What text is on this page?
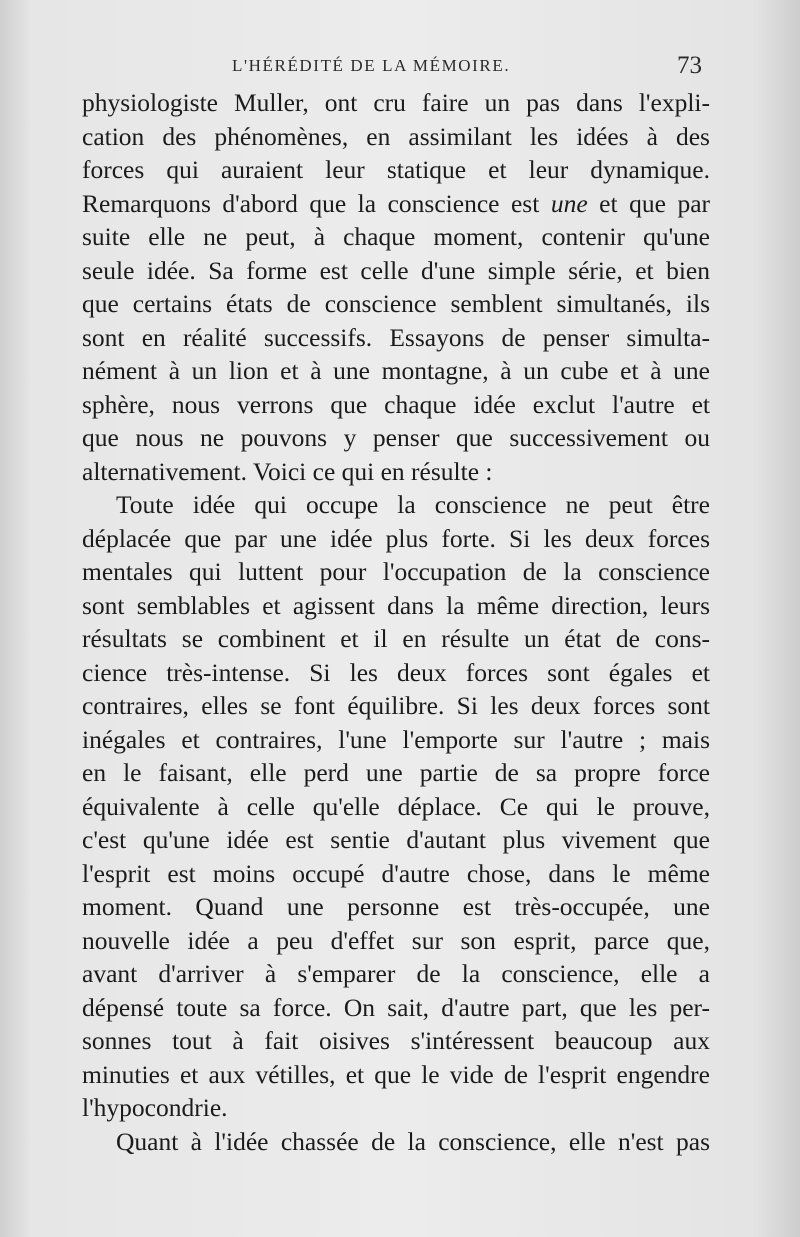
L'HÉRÉDITÉ DE LA MÉMOIRE.	73
physiologiste Muller, ont cru faire un pas dans l'expli-
cation des phénomènes, en assimilant les idées à des
forces qui auraient leur statique et leur dynamique.
Remarquons d'abord que la conscience est une et que par
suite elle ne peut, à chaque moment, contenir qu'une
seule idée. Sa forme est celle d'une simple série, et bien
que certains états de conscience semblent simultanés, ils
sont en réalité successifs. Essayons de penser simulta-
nément à un lion et à une montagne, à un cube et à une
sphère, nous verrons que chaque idée exclut l'autre et
que nous ne pouvons y penser que successivement ou
alternativement. Voici ce qui en résulte :
Toute idée qui occupe la conscience ne peut être
déplacée que par une idée plus forte. Si les deux forces
mentales qui luttent pour l'occupation de la conscience
sont semblables et agissent dans la même direction, leurs
résultats se combinent et il en résulte un état de cons-
cience très-intense. Si les deux forces sont égales et
contraires, elles se font équilibre. Si les deux forces sont
inégales et contraires, l'une l'emporte sur l'autre ; mais
en le faisant, elle perd une partie de sa propre force
équivalente à celle qu'elle déplace. Ce qui le prouve,
c'est qu'une idée est sentie d'autant plus vivement que
l'esprit est moins occupé d'autre chose, dans le même
moment. Quand une personne est très-occupée, une
nouvelle idée a peu d'effet sur son esprit, parce que,
avant d'arriver à s'emparer de la conscience, elle a
dépensé toute sa force. On sait, d'autre part, que les per-
sonnes tout à fait oisives s'intéressent beaucoup aux
minuties et aux vétilles, et que le vide de l'esprit engendre
l'hypocondrie.
Quant à l'idée chassée de la conscience, elle n'est pas
